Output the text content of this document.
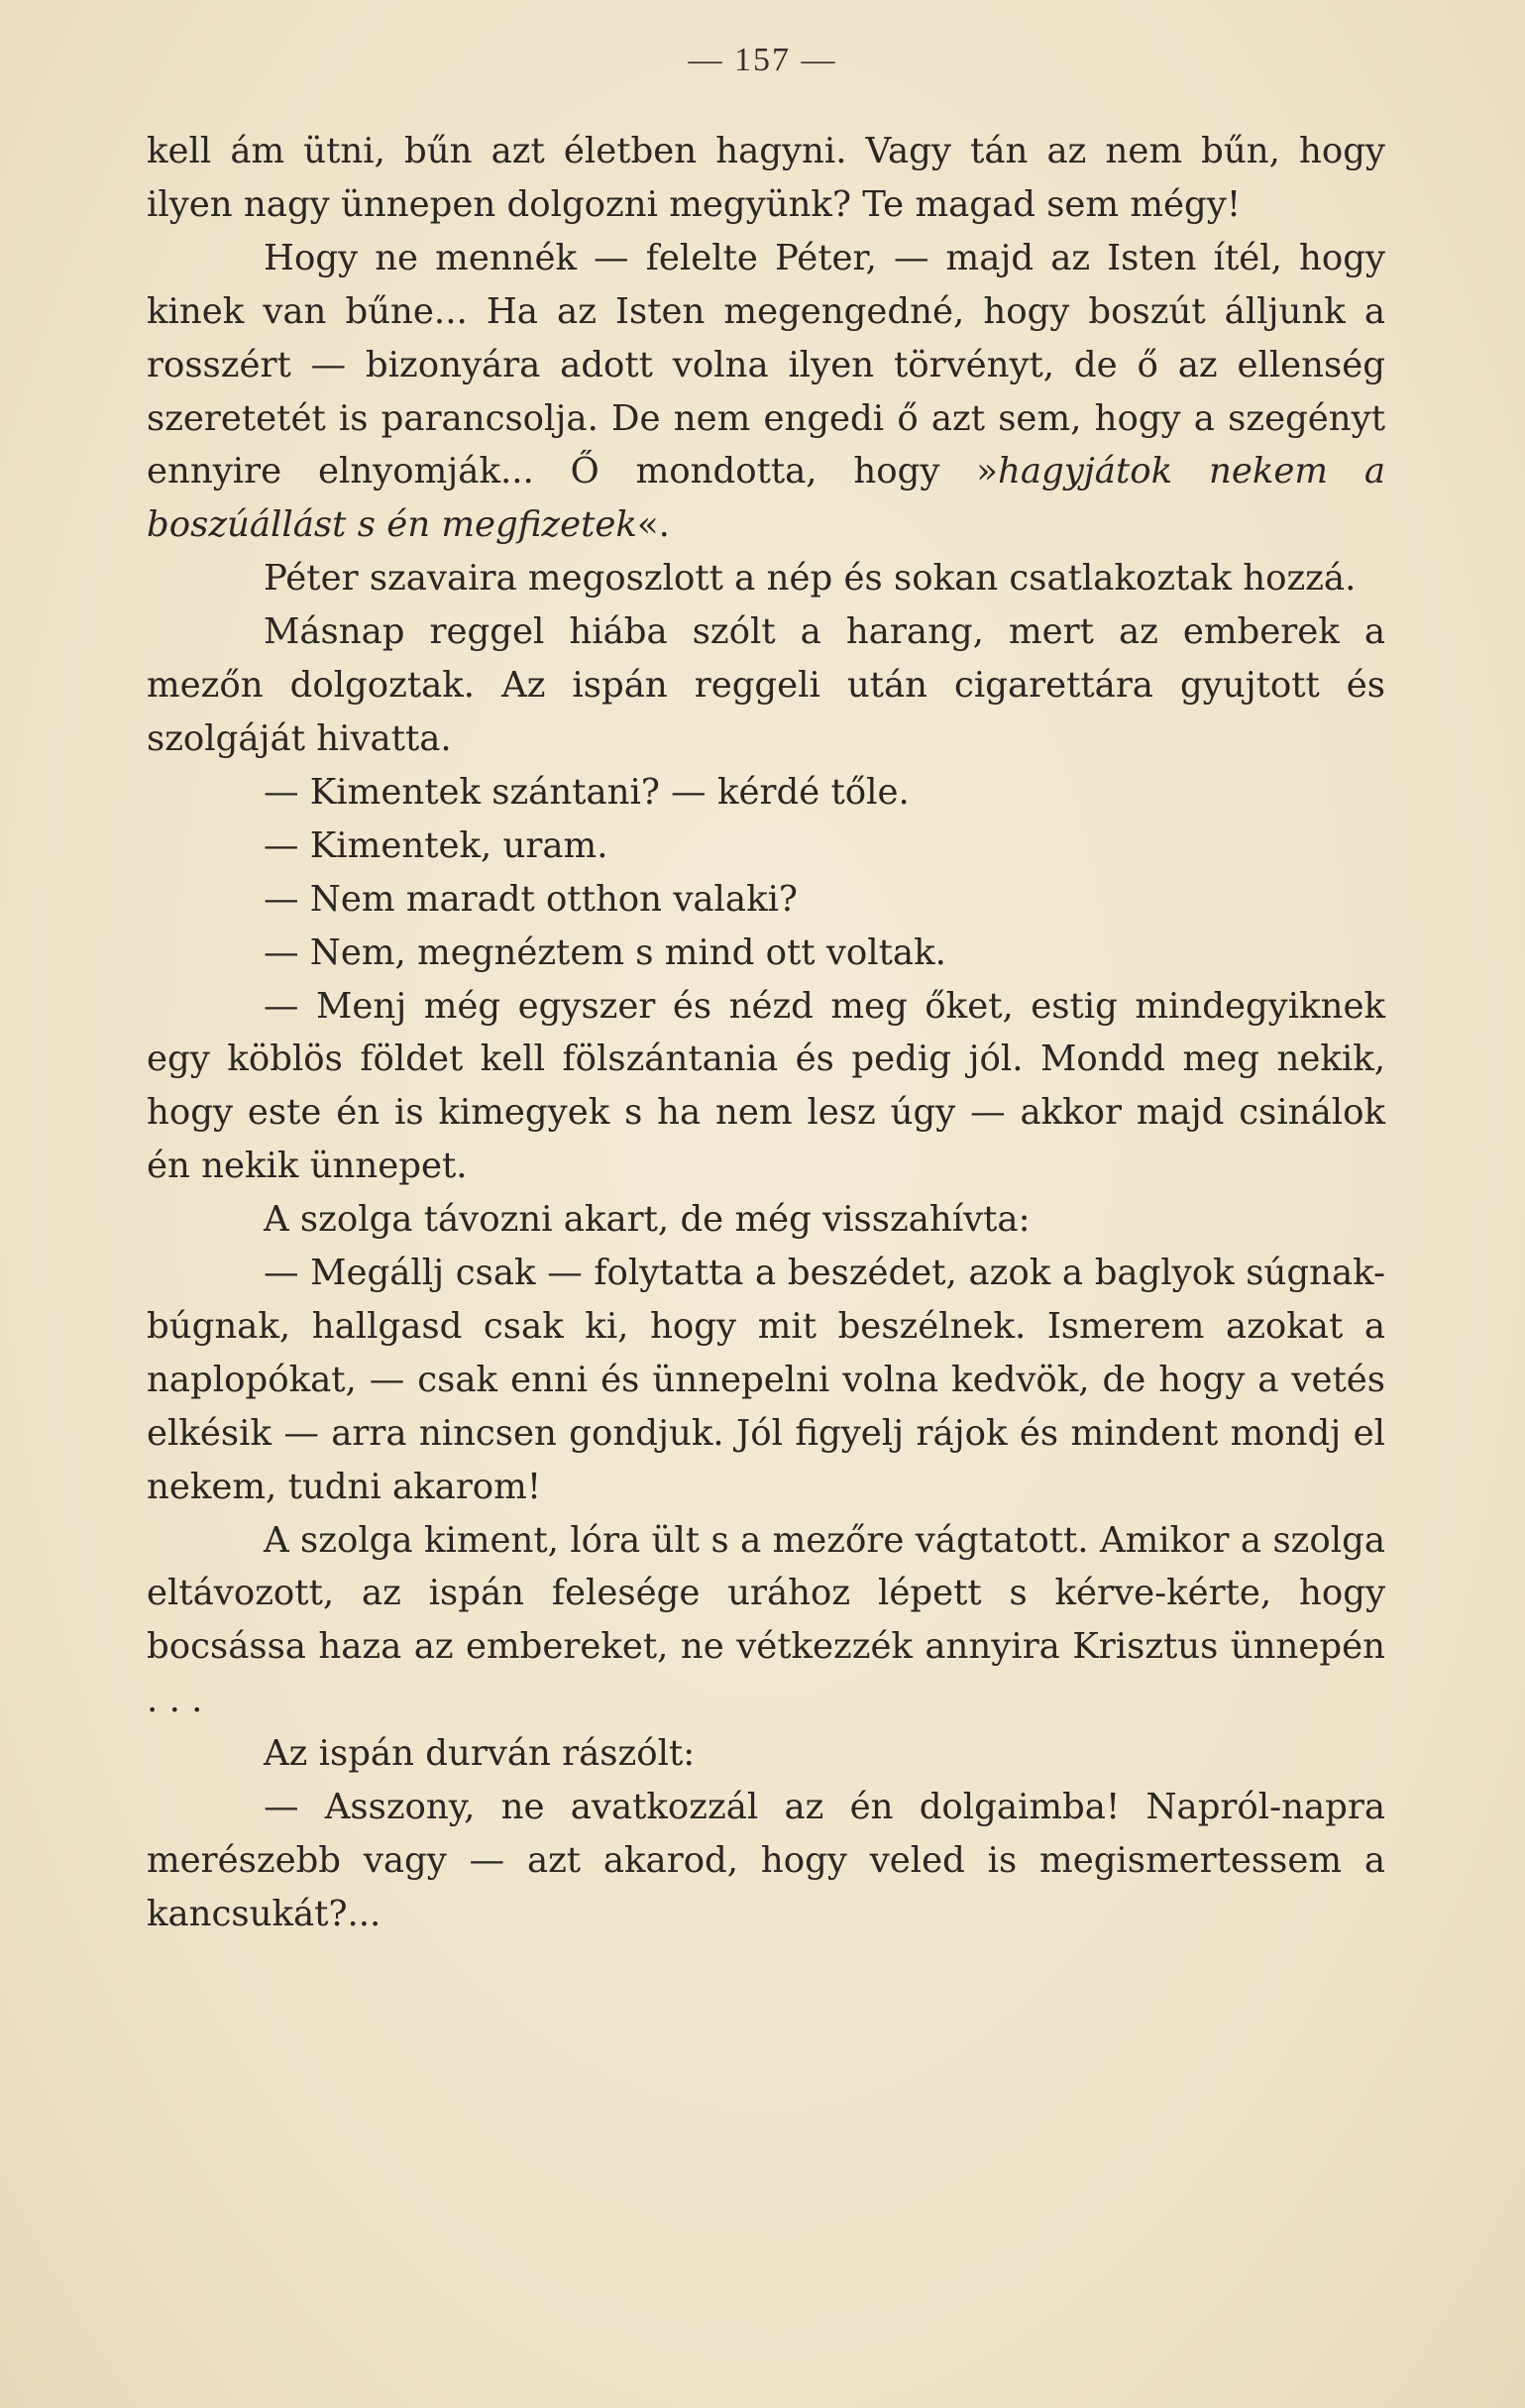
— 157 —

kell ám ütni, bűn azt életben hagyni. Vagy tán az nem bűn, hogy ilyen nagy ünnepen dolgozni megyünk? Te magad sem mégy!

Hogy ne mennék — felelte Péter, — majd az Isten ítél, hogy kinek van bűne... Ha az Isten megengedné, hogy boszút álljunk a rosszért — bizonyára adott volna ilyen törvényt, de ő az ellenség szeretetét is parancsolja. De nem engedi ő azt sem, hogy a szegényt ennyire elnyomják... Ő mondotta, hogy »hagyjátok nekem a boszúállást s én megfizetek«.

Péter szavaira megoszlott a nép és sokan csatlakoztak hozzá.

Másnap reggel hiába szólt a harang, mert az emberek a mezőn dolgoztak. Az ispán reggeli után cigarettára gyujtott és szolgáját hivatta.

— Kimentek szántani? — kérdé tőle.

— Kimentek, uram.

— Nem maradt otthon valaki?

— Nem, megnéztem s mind ott voltak.

— Menj még egyszer és nézd meg őket, estig mindegyiknek egy köblös földet kell fölszántania és pedig jól. Mondd meg nekik, hogy este én is kimegyek s ha nem lesz úgy — akkor majd csinálok én nekik ünnepet.

A szolga távozni akart, de még visszahívta:

— Megállj csak — folytatta a beszédet, azok a baglyok súgnak-búgnak, hallgasd csak ki, hogy mit beszélnek. Ismerem azokat a naplopókat, — csak enni és ünnepelni volna kedvök, de hogy a vetés elkésik — arra nincsen gondjuk. Jól figyelj rájok és mindent mondj el nekem, tudni akarom!

A szolga kiment, lóra ült s a mezőre vágtatott. Amikor a szolga eltávozott, az ispán felesége urához lépett s kérve-kérte, hogy bocsássa haza az embereket, ne vétkezzék annyira Krisztus ünnepén . . .

Az ispán durván rászólt:

— Asszony, ne avatkozzál az én dolgaimba! Napról-napra merészebb vagy — azt akarod, hogy veled is megismertessem a kancsukát?...
